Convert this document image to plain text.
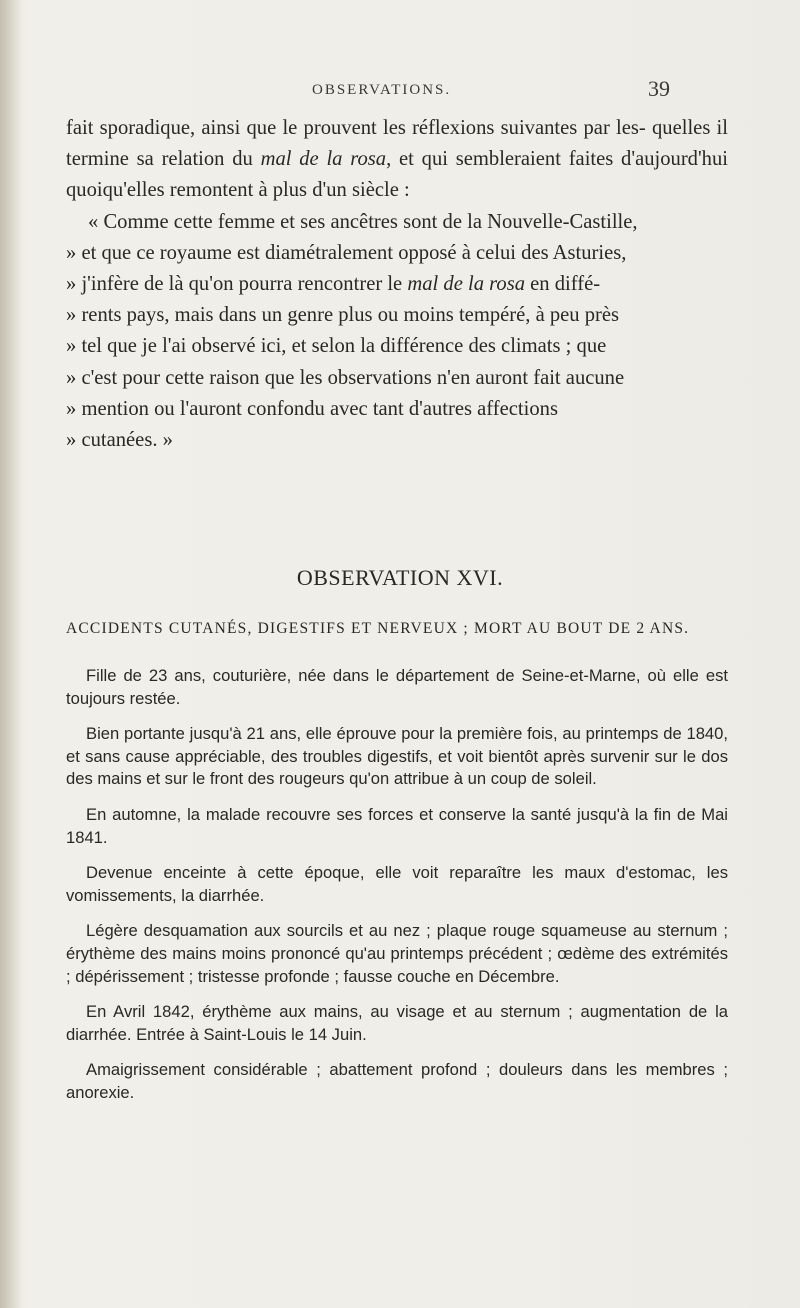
OBSERVATIONS.	39

fait sporadique, ainsi que le prouvent les réflexions suivantes par les- quelles il termine sa relation du mal de la rosa, et qui sembleraient faites d'aujourd'hui quoiqu'elles remontent à plus d'un siècle :

« Comme cette femme et ses ancêtres sont de la Nouvelle-Castille,

» et que ce royaume est diamétralement opposé à celui des Asturies,

» j'infère de là qu'on pourra rencontrer le mal de la rosa en diffé-

» rents pays, mais dans un genre plus ou moins tempéré, à peu près

» tel que je l'ai observé ici, et selon la différence des climats ; que

» c'est pour cette raison que les observations n'en auront fait aucune

» mention ou l'auront confondu avec tant d'autres affections

» cutanées. »

OBSERVATION XVI.
ACCIDENTS CUTANÉS, DIGESTIFS ET NERVEUX ; MORT AU BOUT DE 2 ANS.

Fille de 23 ans, couturière, née dans le département de Seine-et-Marne, où elle est toujours restée.

Bien portante jusqu'à 21 ans, elle éprouve pour la première fois, au printemps de 1840, et sans cause appréciable, des troubles digestifs, et voit bientôt après survenir sur le dos des mains et sur le front des rougeurs qu'on attribue à un coup de soleil.

En automne, la malade recouvre ses forces et conserve la santé jusqu'à la fin de Mai 1841.

Devenue enceinte à cette époque, elle voit reparaître les maux d'estomac, les vomissements, la diarrhée.

Légère desquamation aux sourcils et au nez ; plaque rouge squameuse au sternum ; érythème des mains moins prononcé qu'au printemps précédent ; œdème des extrémités ; dépérissement ; tristesse profonde ; fausse couche en Décembre.

En Avril 1842, érythème aux mains, au visage et au sternum ; augmentation de la diarrhée. Entrée à Saint-Louis le 14 Juin.

Amaigrissement considérable ; abattement profond ; douleurs dans les membres ; anorexie.
